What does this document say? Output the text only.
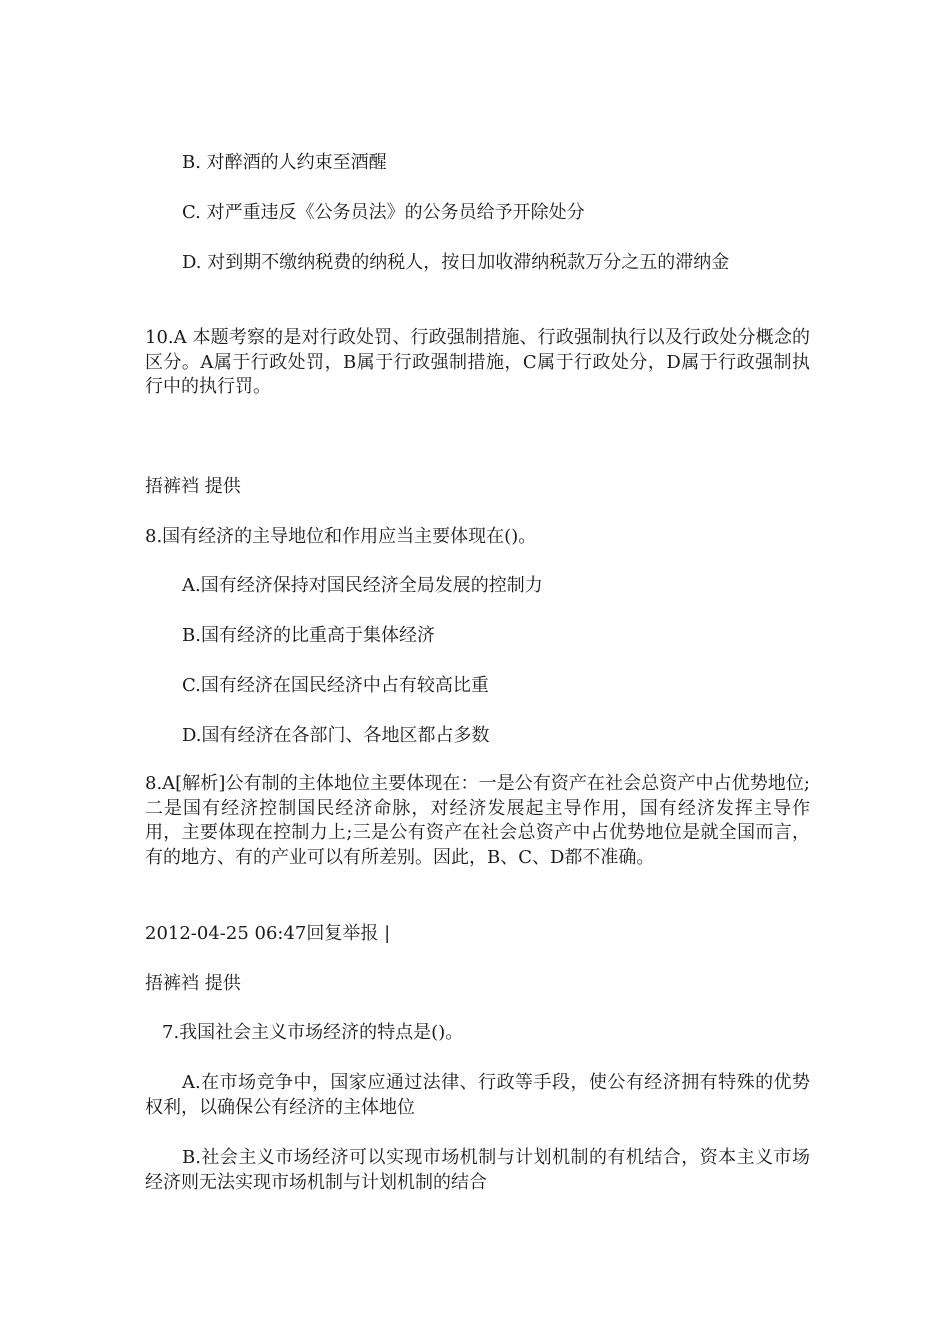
B. 对醉酒的人约束至酒醒
C. 对严重违反《公务员法》的公务员给予开除处分
D. 对到期不缴纳税费的纳税人，按日加收滞纳税款万分之五的滞纳金
10.A 本题考察的是对行政处罚、行政强制措施、行政强制执行以及行政处分概念的区分。A属于行政处罚，B属于行政强制措施，C属于行政处分，D属于行政强制执行中的执行罚。
捂裤裆 提供
8.国有经济的主导地位和作用应当主要体现在()。
A.国有经济保持对国民经济全局发展的控制力
B.国有经济的比重高于集体经济
C.国有经济在国民经济中占有较高比重
D.国有经济在各部门、各地区都占多数
8.A[解析]公有制的主体地位主要体现在：一是公有资产在社会总资产中占优势地位;二是国有经济控制国民经济命脉，对经济发展起主导作用，国有经济发挥主导作用，主要体现在控制力上;三是公有资产在社会总资产中占优势地位是就全国而言，有的地方、有的产业可以有所差别。因此，B、C、D都不准确。
2012-04-25 06:47回复举报 |
捂裤裆 提供
7.我国社会主义市场经济的特点是()。
A.在市场竞争中，国家应通过法律、行政等手段，使公有经济拥有特殊的优势权利，以确保公有经济的主体地位
B.社会主义市场经济可以实现市场机制与计划机制的有机结合，资本主义市场经济则无法实现市场机制与计划机制的结合
